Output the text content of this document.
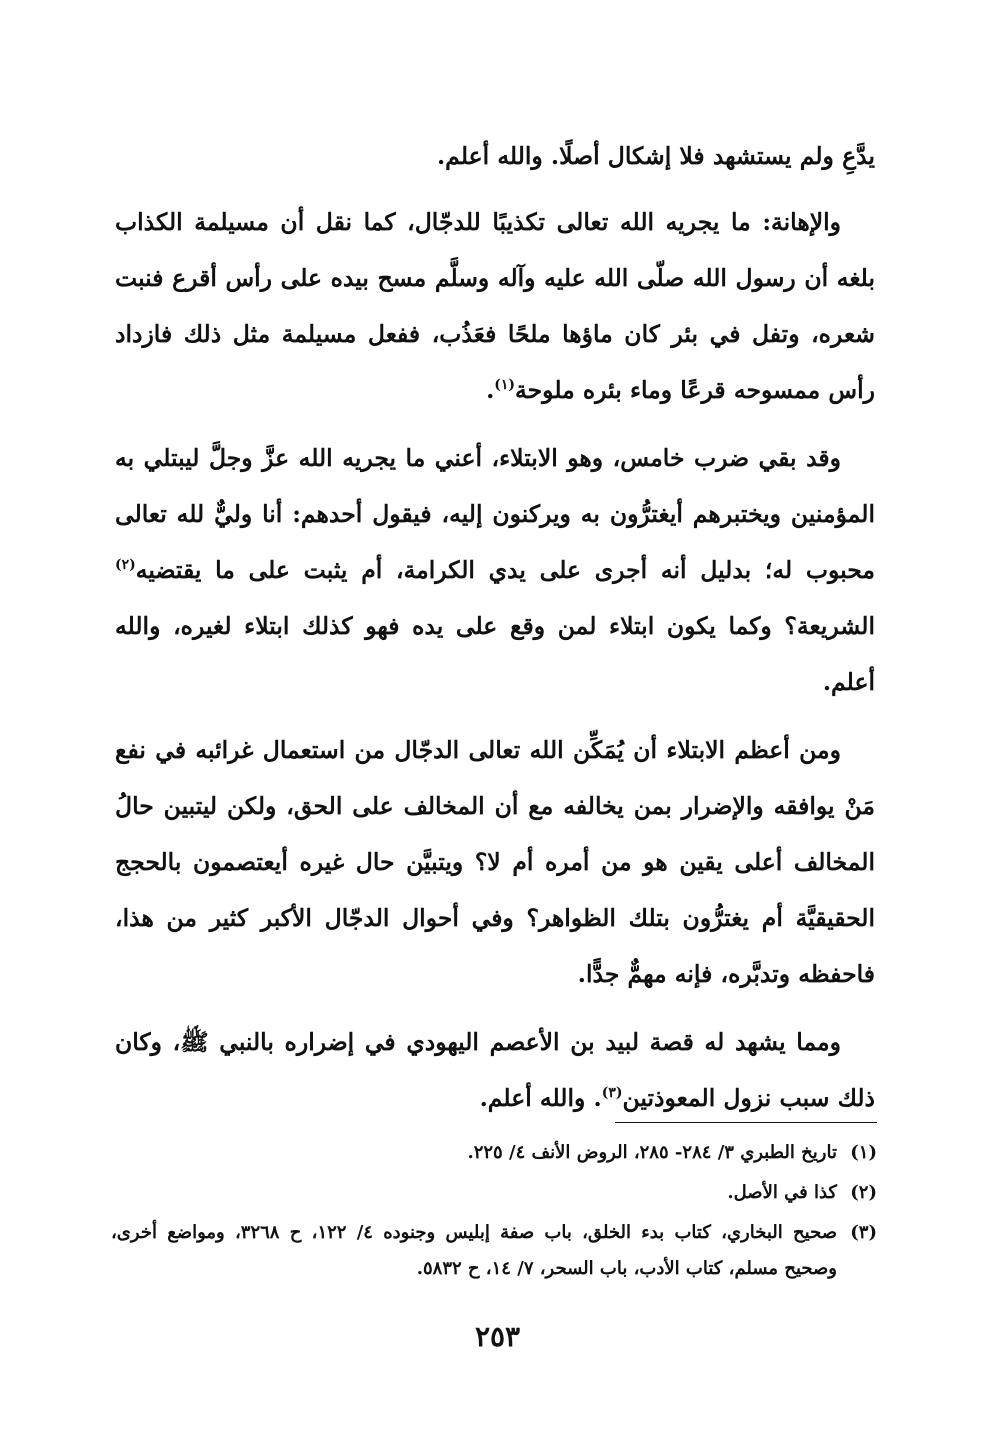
يدَّعِ ولم يستشهد فلا إشكال أصلًا. والله أعلم.

والإهانة: ما يجريه الله تعالى تكذيبًا للدجّال، كما نقل أن مسيلمة الكذاب بلغه أن رسول الله صلّى الله عليه وآله وسلَّم مسح بيده على رأس أقرع فنبت شعره، وتفل في بئر كان ماؤها ملحًا فعَذُب، ففعل مسيلمة مثل ذلك فازداد رأس ممسوحه قرعًا وماء بئره ملوحة$^{(١)}$.

وقد بقي ضرب خامس، وهو الابتلاء، أعني ما يجريه الله عزَّ وجلَّ ليبتلي به المؤمنين ويختبرهم أيغترُّون به ويركنون إليه، فيقول أحدهم: أنا وليٌّ لله تعالى محبوب له؛ بدليل أنه أجرى على يدي الكرامة، أم يثبت على ما يقتضيه$^{(٢)}$ الشريعة؟ وكما يكون ابتلاء لمن وقع على يده فهو كذلك ابتلاء لغيره، والله أعلم.

ومن أعظم الابتلاء أن يُمَكِّن الله تعالى الدجّال من استعمال غرائبه في نفع مَنْ يوافقه والإضرار بمن يخالفه مع أن المخالف على الحق، ولكن ليتبين حالُ المخالف أعلى يقين هو من أمره أم لا؟ ويتبيَّن حال غيره أيعتصمون بالحجج الحقيقيَّة أم يغترُّون بتلك الظواهر؟ وفي أحوال الدجّال الأكبر كثير من هذا، فاحفظه وتدبَّره، فإنه مهمٌّ جدًّا.

ومما يشهد له قصة لبيد بن الأعصم اليهودي في إضراره بالنبي ﷺ، وكان ذلك سبب نزول المعوذتين$^{(٣)}$. والله أعلم.

(١)
تاريخ الطبري ٣/ ٢٨٤- ٢٨٥، الروض الأنف ٤/ ٢٢٥.
(٢)
كذا في الأصل.
(٣)
صحيح البخاري، كتاب بدء الخلق، باب صفة إبليس وجنوده ٤/ ١٢٢، ح ٣٢٦٨، ومواضع أخرى، وصحيح مسلم، كتاب الأدب، باب السحر، ٧/ ١٤، ح ٥٨٣٢.
٢٥٣
